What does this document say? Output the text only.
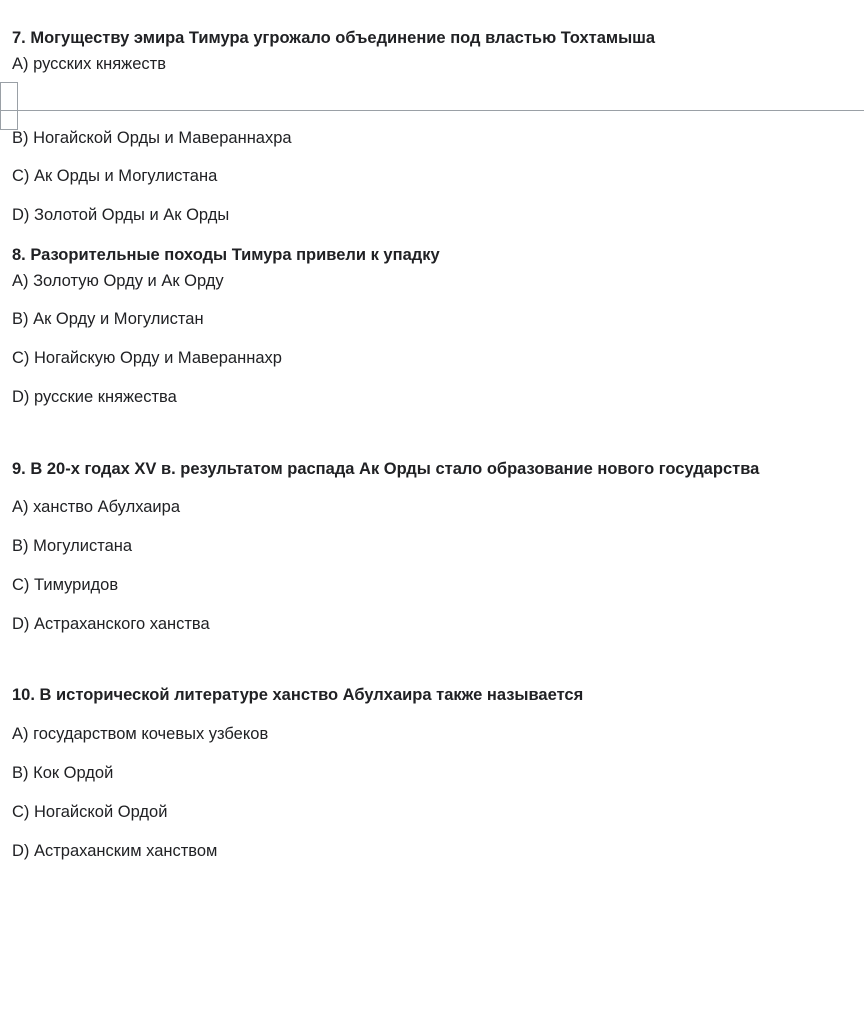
7. Могуществу эмира Тимура угрожало объединение под властью Тохтамыша

A) русских княжеств

B) Ногайской Орды и Мавераннахра

C) Ак Орды и Могулистана

D) Золотой Орды и Ак Орды

8. Разорительные походы Тимура привели к упадку

A) Золотую Орду и Ак Орду

B) Ак Орду и Могулистан

C) Ногайскую Орду и Мавераннахр

D) русские княжества

9. В 20-х годах XV в. результатом распада Ак Орды стало образование нового государства

A) ханство Абулхаира

B) Могулистана

C) Тимуридов

D) Астраханского ханства

10. В исторической литературе ханство Абулхаира также называется

A) государством кочевых узбеков

B) Кок Ордой

C) Ногайской Ордой

D) Астраханским ханством
